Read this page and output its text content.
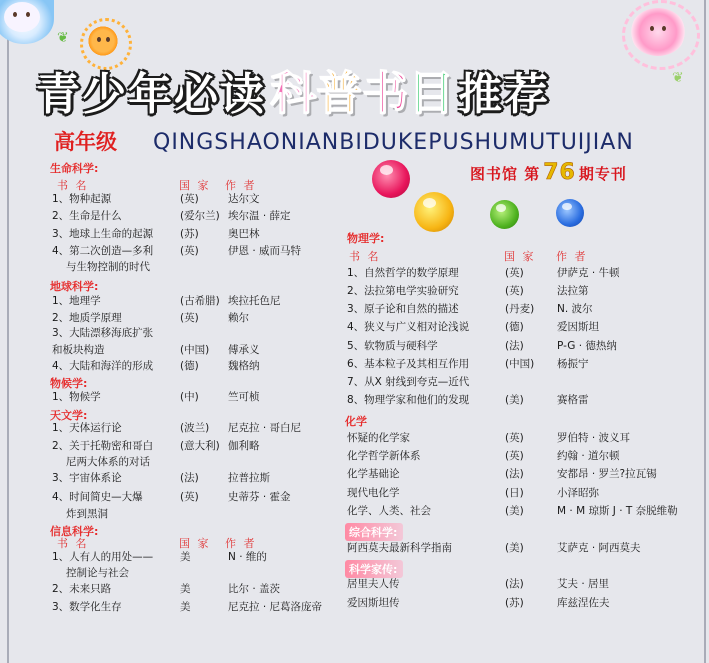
❦
❦
青少年必读 科 普 书 目 推荐
高年级 QINGSHAONIANBIDUKEPUSHUMUTUIJIAN
图书馆 第 76 期专刊
生命科学:
书 名	国 家 作 者
1、物种起源	(英)	达尔文
2、生命是什么	(爱尔兰) 埃尔温 · 薛定
3、地球上生命的起源	(苏)	奥巴林
4、第二次创造—多利	(英)	伊恩 · 威而马特
与生物控制的时代
地球科学:
1、地理学	(古希腊) 埃拉托色尼
2、地质学原理	(英)	赖尔
3、大陆漂移海底扩张
和板块构造	(中国) 傅承义
4、大陆和海洋的形成	(德)	魏格纳
物候学:
1、物候学	(中)	竺可桢
天文学:
1、天体运行论	(波兰) 尼克拉 · 哥白尼
2、关于托勒密和哥白	(意大利) 伽利略
尼两大体系的对话
3、宇宙体系论	(法)	拉普拉斯
4、时间简史—大爆	(英)	史蒂芬 · 霍金
炸到黑洞
信息科学:
书 名	国 家 作 者
1、人有人的用处——	美	N · 维的
控制论与社会
2、未来只路	美	比尔 · 盖茨
3、数学化生存	美	尼克拉 · 尼葛洛庞帝
物理学:
书 名	国 家 作 者
1、自然哲学的数学原理	(英)	伊萨克 · 牛顿
2、法拉第电学实验研究	(英)	法拉第
3、原子论和自然的描述	(丹麦) N. 波尔
4、狭义与广义相对论浅说	(德)	爱因斯坦
5、软物质与硬科学	(法)	P-G · 德热纳
6、基本粒子及其相互作用	(中国) 杨振宁
7、从X 射线到夸克—近代
8、物理学家和他们的发现	(美)	赛格雷
化学
怀疑的化学家	(英)	罗伯特 · 波义耳
化学哲学新体系	(英)	约翰 · 道尔顿
化学基础论	(法)	安都昂 · 罗兰?拉瓦锡
现代电化学	(日)	小泽昭弥
化学、人类、社会	(美)	M · M 琼斯 J · T 奈脱维勒
综合科学:
阿西莫夫最新科学指南	(美)	艾萨克 · 阿西莫夫
科学家传:
居里夫人传	(法)	艾夫 · 居里
爱因斯坦传	(苏)	库兹涅佐夫
